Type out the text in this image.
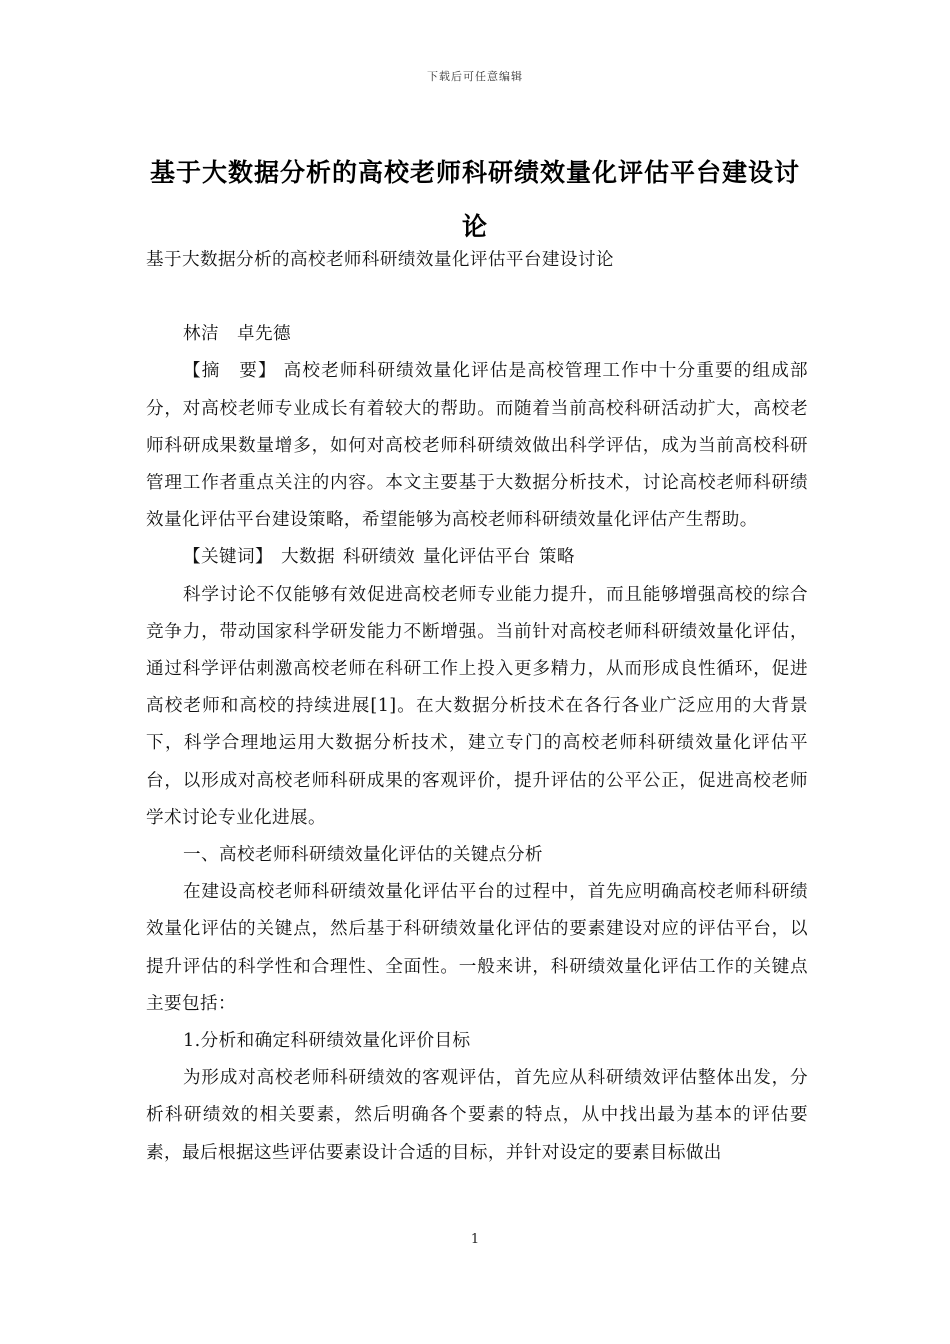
下载后可任意编辑
基于大数据分析的高校老师科研绩效量化评估平台建设讨论

基于大数据分析的高校老师科研绩效量化评估平台建设讨论

林洁 卓先德

【摘　要】 高校老师科研绩效量化评估是高校管理工作中十分重要的组成部分，对高校老师专业成长有着较大的帮助。而随着当前高校科研活动扩大，高校老师科研成果数量增多，如何对高校老师科研绩效做出科学评估，成为当前高校科研管理工作者重点关注的内容。本文主要基于大数据分析技术，讨论高校老师科研绩效量化评估平台建设策略，希望能够为高校老师科研绩效量化评估产生帮助。

【关键词】 大数据 科研绩效 量化评估平台 策略

科学讨论不仅能够有效促进高校老师专业能力提升，而且能够增强高校的综合竞争力，带动国家科学研发能力不断增强。当前针对高校老师科研绩效量化评估，通过科学评估刺激高校老师在科研工作上投入更多精力，从而形成良性循环，促进高校老师和高校的持续进展[1]。在大数据分析技术在各行各业广泛应用的大背景下，科学合理地运用大数据分析技术，建立专门的高校老师科研绩效量化评估平台，以形成对高校老师科研成果的客观评价，提升评估的公平公正，促进高校老师学术讨论专业化进展。

一、高校老师科研绩效量化评估的关键点分析

在建设高校老师科研绩效量化评估平台的过程中，首先应明确高校老师科研绩效量化评估的关键点，然后基于科研绩效量化评估的要素建设对应的评估平台，以提升评估的科学性和合理性、全面性。一般来讲，科研绩效量化评估工作的关键点主要包括：

1.分析和确定科研绩效量化评价目标

为形成对高校老师科研绩效的客观评估，首先应从科研绩效评估整体出发，分析科研绩效的相关要素，然后明确各个要素的特点，从中找出最为基本的评估要素，最后根据这些评估要素设计合适的目标，并针对设定的要素目标做出

1
